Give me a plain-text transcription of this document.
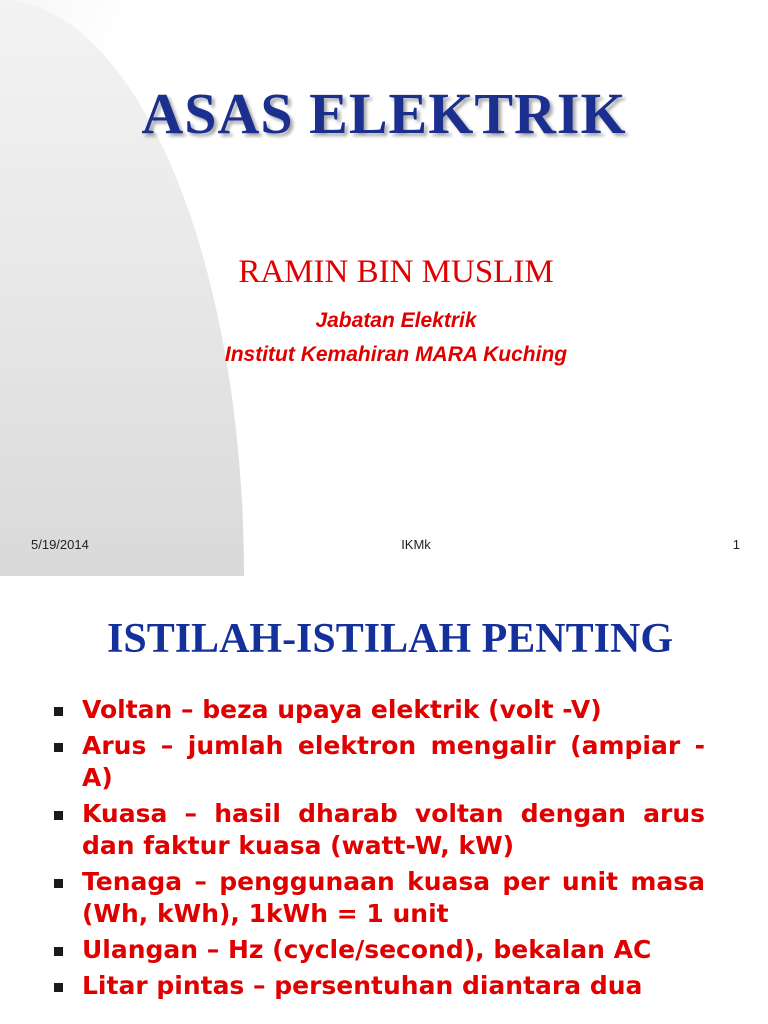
ASAS ELEKTRIK
RAMIN BIN MUSLIM
Jabatan Elektrik
Institut Kemahiran MARA Kuching
5/19/2014	IKMk	1
ISTILAH-ISTILAH PENTING
Voltan – beza upaya elektrik (volt -V)
Arus – jumlah elektron mengalir (ampiar - A)
Kuasa – hasil dharab voltan dengan arus dan faktur kuasa (watt-W, kW)
Tenaga – penggunaan kuasa per unit masa (Wh, kWh), 1kWh = 1 unit
Ulangan – Hz (cycle/second), bekalan AC
Litar pintas – persentuhan diantara dua
